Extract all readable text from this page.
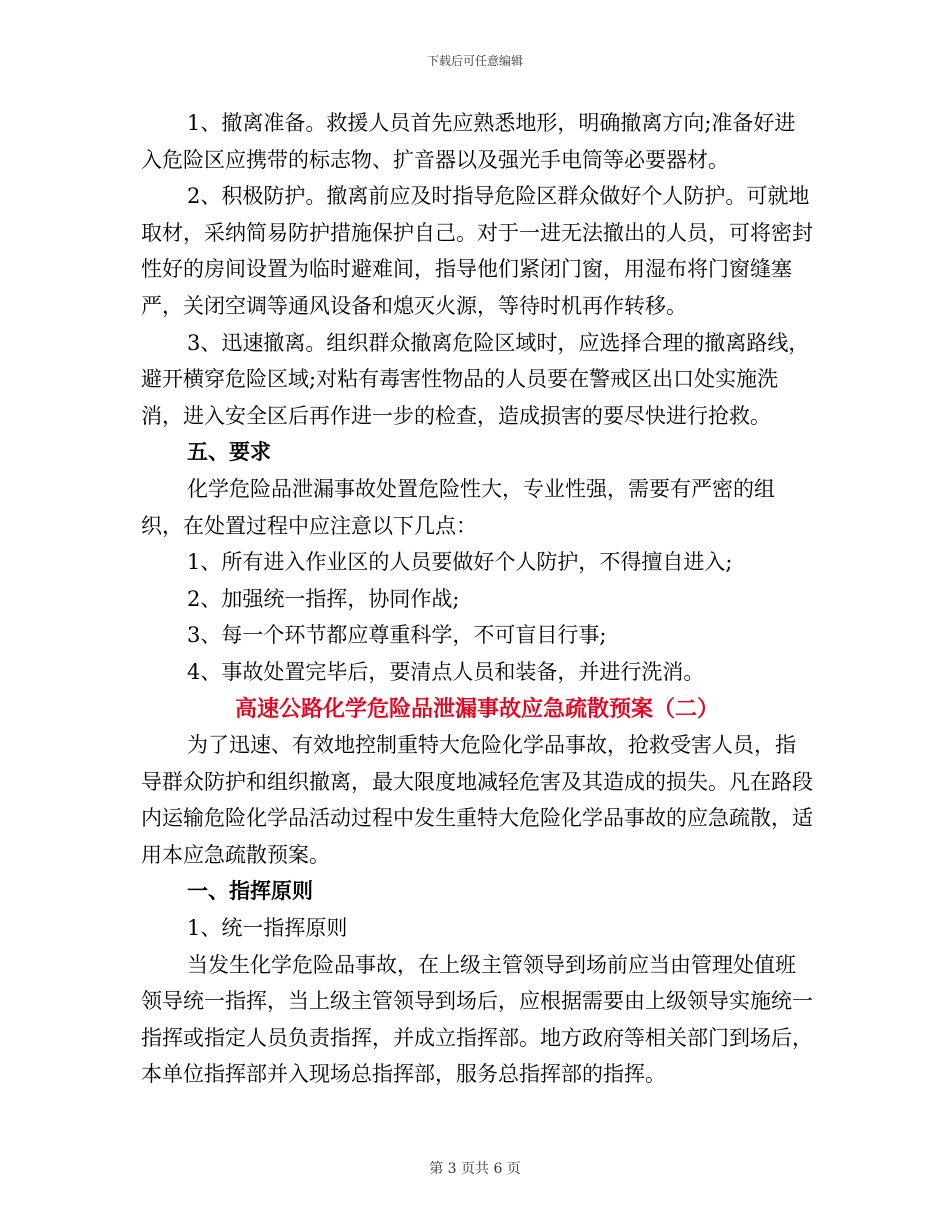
下载后可任意编辑

1、撤离准备。救援人员首先应熟悉地形，明确撤离方向;准备好进入危险区应携带的标志物、扩音器以及强光手电筒等必要器材。

2、积极防护。撤离前应及时指导危险区群众做好个人防护。可就地取材，采纳简易防护措施保护自己。对于一进无法撤出的人员，可将密封性好的房间设置为临时避难间，指导他们紧闭门窗，用湿布将门窗缝塞严，关闭空调等通风设备和熄灭火源，等待时机再作转移。

3、迅速撤离。组织群众撤离危险区域时，应选择合理的撤离路线，避开横穿危险区域;对粘有毒害性物品的人员要在警戒区出口处实施洗消，进入安全区后再作进一步的检查，造成损害的要尽快进行抢救。

五、要求

化学危险品泄漏事故处置危险性大，专业性强，需要有严密的组织，在处置过程中应注意以下几点：

1、所有进入作业区的人员要做好个人防护，不得擅自进入;

2、加强统一指挥，协同作战;

3、每一个环节都应尊重科学，不可盲目行事;

4、事故处置完毕后，要清点人员和装备，并进行洗消。

高速公路化学危险品泄漏事故应急疏散预案（二）

为了迅速、有效地控制重特大危险化学品事故，抢救受害人员，指导群众防护和组织撤离，最大限度地减轻危害及其造成的损失。凡在路段内运输危险化学品活动过程中发生重特大危险化学品事故的应急疏散，适用本应急疏散预案。

一、指挥原则

1、统一指挥原则

当发生化学危险品事故，在上级主管领导到场前应当由管理处值班领导统一指挥，当上级主管领导到场后，应根据需要由上级领导实施统一指挥或指定人员负责指挥，并成立指挥部。地方政府等相关部门到场后，本单位指挥部并入现场总指挥部，服务总指挥部的指挥。

第 3 页共 6 页
